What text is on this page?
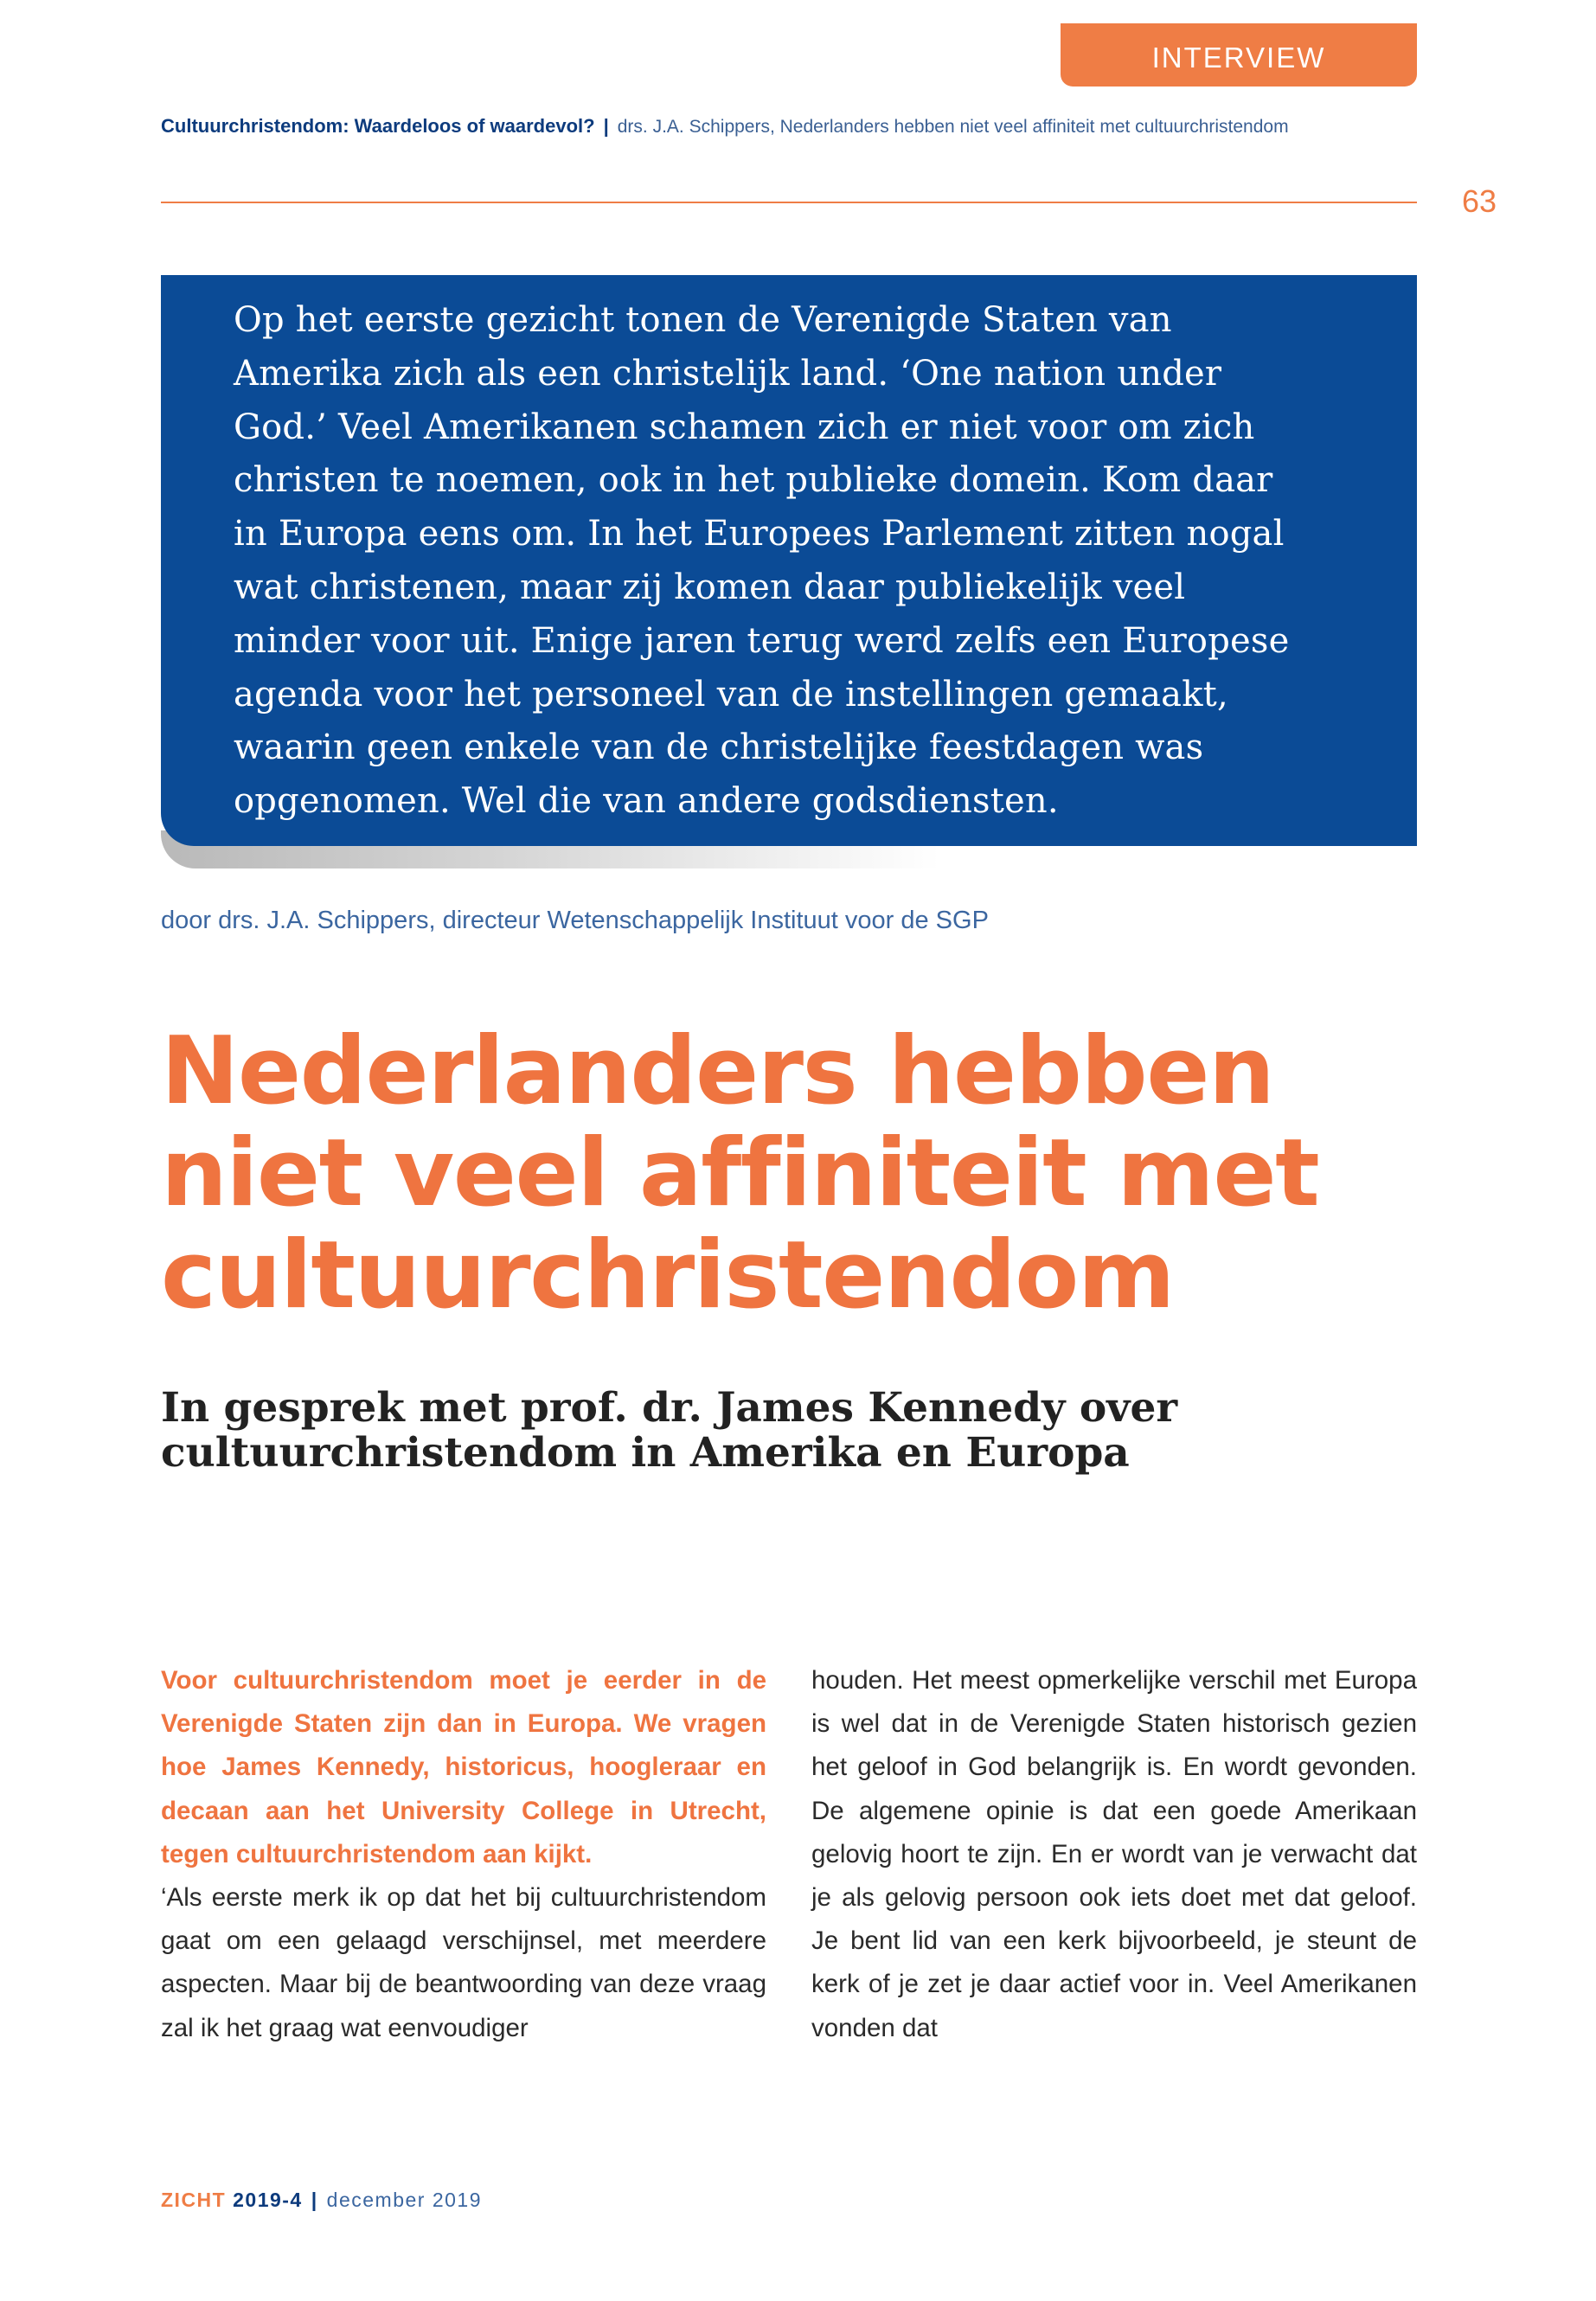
INTERVIEW
Cultuurchristendom: Waardeloos of waardevol? | drs. J.A. Schippers, Nederlanders hebben niet veel affiniteit met cultuurchristendom
63

Op het eerste gezicht tonen de Verenigde Staten van Amerika zich als een christelijk land. ‘One nation under God.’ Veel Amerikanen schamen zich er niet voor om zich christen te noemen, ook in het publieke domein. Kom daar in Europa eens om. In het Europees Parlement zitten nogal wat christenen, maar zij komen daar publiekelijk veel minder voor uit. Enige jaren terug werd zelfs een Europese agenda voor het personeel van de instellingen gemaakt, waarin geen enkele van de christelijke feestdagen was opgenomen. Wel die van andere godsdiensten.

door drs. J.A. Schippers, directeur Wetenschappelijk Instituut voor de SGP
Nederlanders hebben
niet veel affiniteit met
cultuurchristendom
In gesprek met prof. dr. James Kennedy over
cultuurchristendom in Amerika en Europa

Voor cultuurchristendom moet je eerder in de Verenigde Staten zijn dan in Europa. We vragen hoe James Kennedy, historicus, hoogleraar en decaan aan het University College in Utrecht, tegen cultuurchristendom aan kijkt.

‘Als eerste merk ik op dat het bij cultuurchristendom gaat om een gelaagd verschijnsel, met meerdere aspecten. Maar bij de beantwoording van deze vraag zal ik het graag wat eenvoudiger

houden. Het meest opmerkelijke verschil met Europa is wel dat in de Verenigde Staten historisch gezien het geloof in God belangrijk is. En wordt gevonden. De algemene opinie is dat een goede Amerikaan gelovig hoort te zijn. En er wordt van je verwacht dat je als gelovig persoon ook iets doet met dat geloof. Je bent lid van een kerk bijvoorbeeld, je steunt de kerk of je zet je daar actief voor in. Veel Amerikanen vonden dat

ZICHT 2019-4 | december 2019
